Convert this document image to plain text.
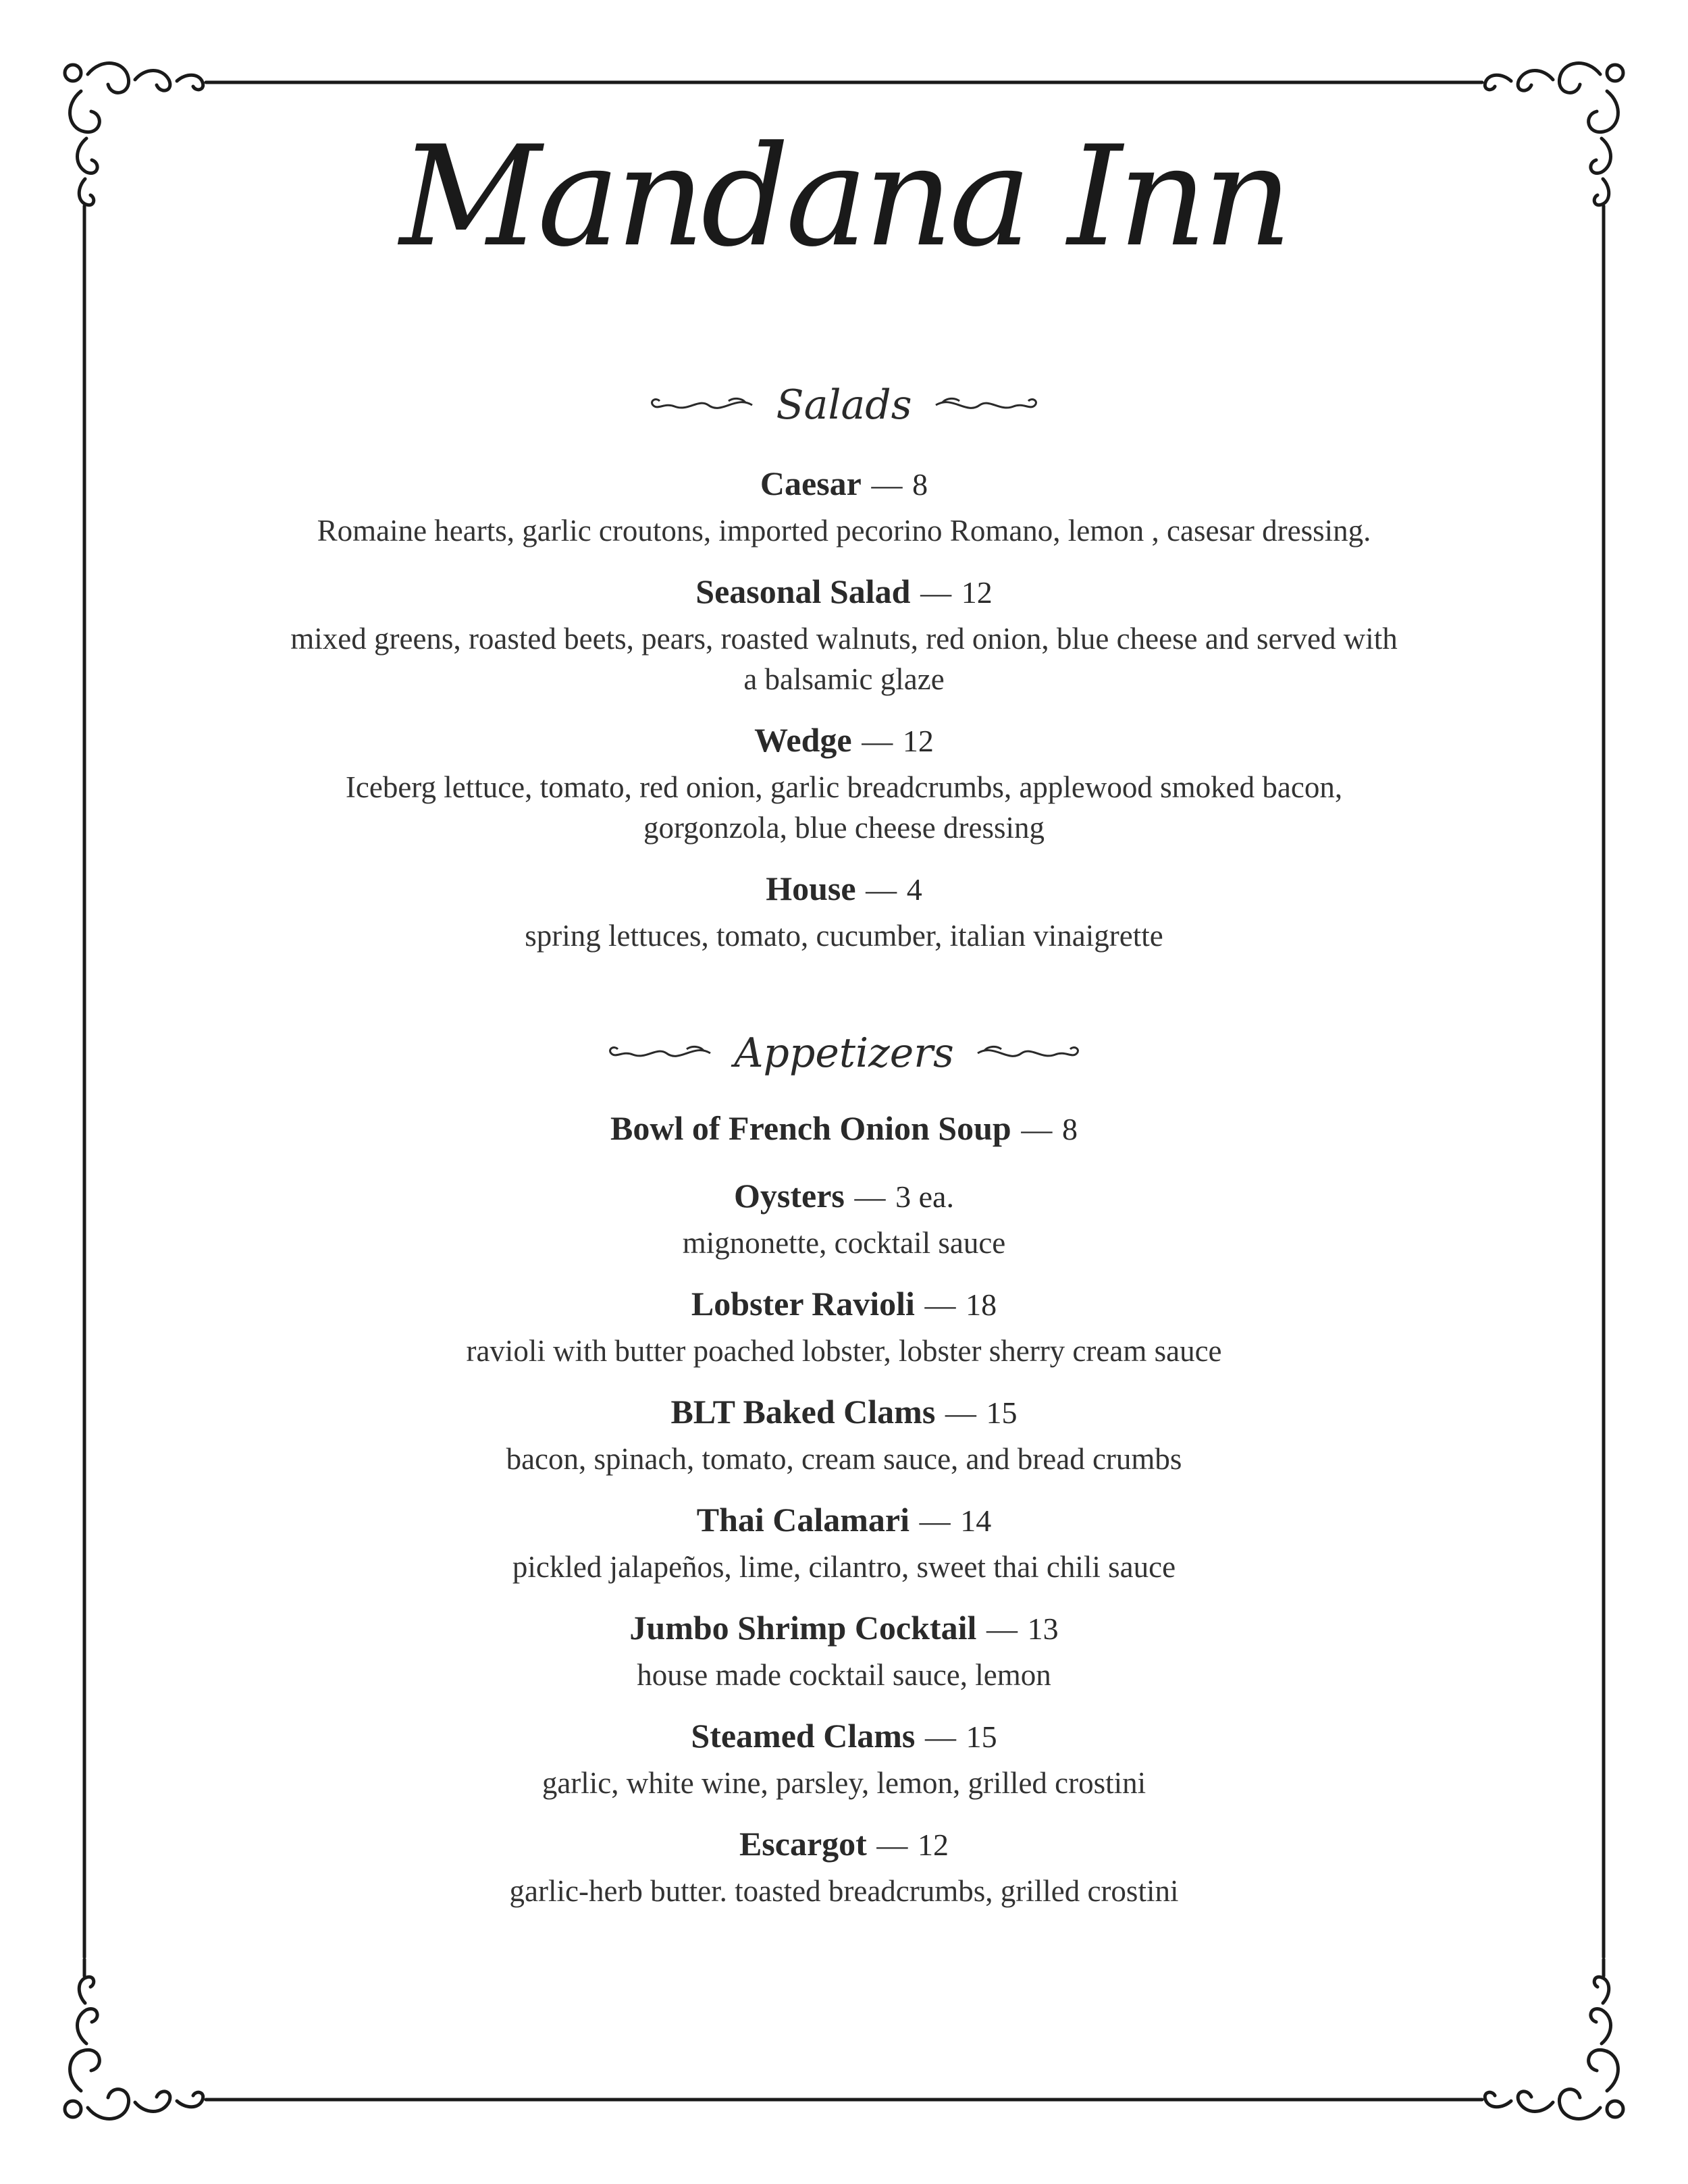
Mandana Inn
Salads
Caesar — 8
Romaine hearts, garlic croutons, imported pecorino Romano, lemon , casesar dressing.
Seasonal Salad — 12
mixed greens, roasted beets, pears, roasted walnuts, red onion, blue cheese and served with a balsamic glaze
Wedge — 12
Iceberg lettuce, tomato, red onion, garlic breadcrumbs, applewood smoked bacon, gorgonzola, blue cheese dressing
House — 4
spring lettuces, tomato, cucumber, italian vinaigrette
Appetizers
Bowl of French Onion Soup — 8
Oysters — 3 ea.
mignonette, cocktail sauce
Lobster Ravioli — 18
ravioli with butter poached lobster, lobster sherry cream sauce
BLT Baked Clams — 15
bacon, spinach, tomato, cream sauce, and bread crumbs
Thai Calamari — 14
pickled jalapeños, lime, cilantro, sweet thai chili sauce
Jumbo Shrimp Cocktail — 13
house made cocktail sauce, lemon
Steamed Clams — 15
garlic, white wine, parsley, lemon, grilled crostini
Escargot — 12
garlic-herb butter. toasted breadcrumbs, grilled crostini
